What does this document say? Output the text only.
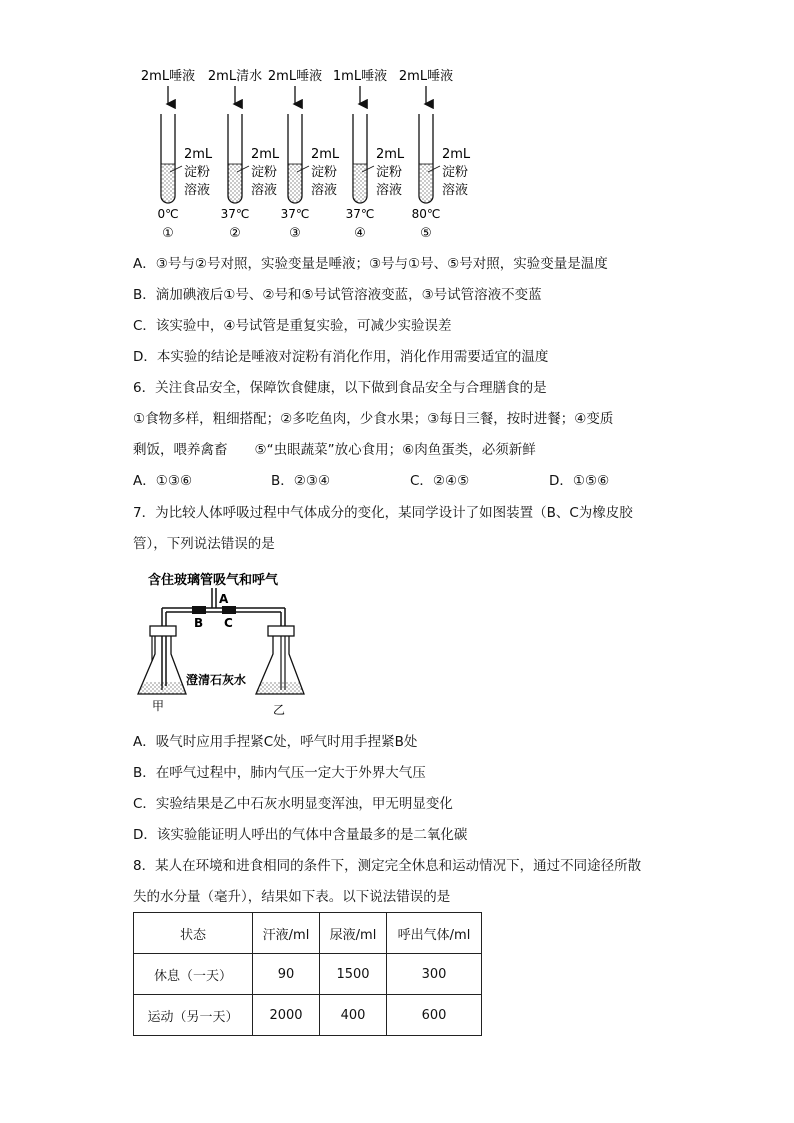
2mL唾液
2mL
淀粉
溶液
0℃
①
2mL清水
2mL
淀粉
溶液
37℃
②
2mL唾液
2mL
淀粉
溶液
37℃
③
1mL唾液
2mL
淀粉
溶液
37℃
④
2mL唾液
2mL
淀粉
溶液
80℃
⑤
A．③号与②号对照，实验变量是唾液；③号与①号、⑤号对照，实验变量是温度
B．滴加碘液后①号、②号和⑤号试管溶液变蓝，③号试管溶液不变蓝
C．该实验中，④号试管是重复实验，可减少实验误差
D．本实验的结论是唾液对淀粉有消化作用，消化作用需要适宜的温度
6．关注食品安全，保障饮食健康，以下做到食品安全与合理膳食的是
①食物多样，粗细搭配；②多吃鱼肉，少食水果；③每日三餐，按时进餐；④变质
剩饭，喂养禽畜　　⑤“虫眼蔬菜”放心食用；⑥肉鱼蛋类，必须新鲜
A．①③⑥	B．②③④	C．②④⑤	D．①⑤⑥
7．为比较人体呼吸过程中气体成分的变化，某同学设计了如图装置（B、C为橡皮胶
管），下列说法错误的是
含住玻璃管吸气和呼气
A
B C
澄清石灰水
甲	乙
A．吸气时应用手捏紧C处，呼气时用手捏紧B处
B．在呼气过程中，肺内气压一定大于外界大气压
C．实验结果是乙中石灰水明显变浑浊，甲无明显变化
D．该实验能证明人呼出的气体中含量最多的是二氧化碳
8．某人在环境和进食相同的条件下，测定完全休息和运动情况下，通过不同途径所散
失的水分量（毫升），结果如下表。以下说法错误的是
状态	汗液/ml	尿液/ml	呼出气体/ml
休息（一天）	90	1500	300
运动（另一天）	2000	400	600
